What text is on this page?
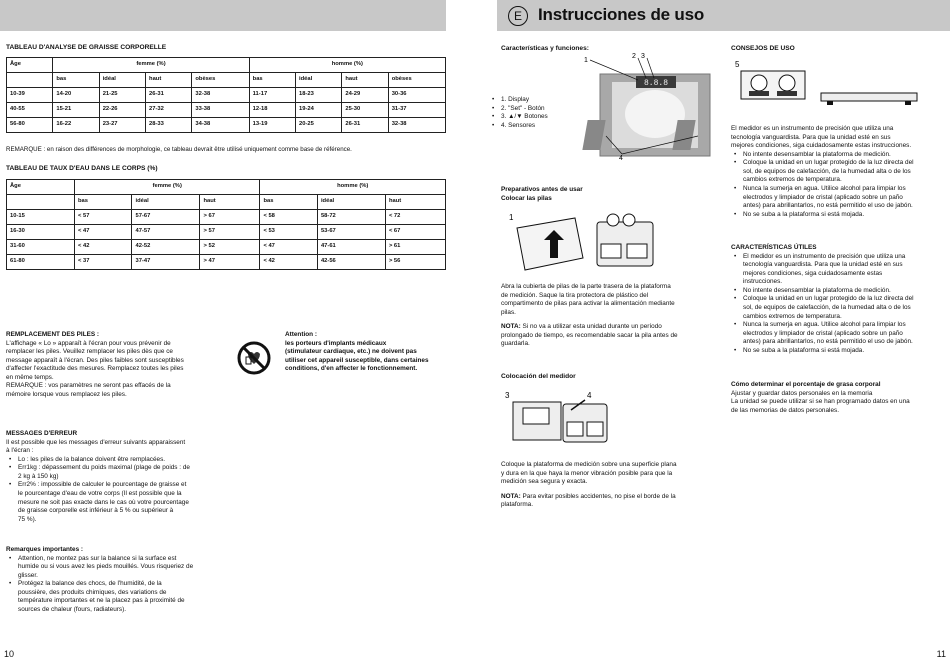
TABLEAU D'ANALYSE DE GRAISSE CORPORELLE
Âge	femme (%)				homme (%)			
	bas	idéal	haut	obèses	bas	idéal	haut	obèses
10-39	14-20	21-25	26-31	32-38	11-17	18-23	24-29	30-36
40-55	15-21	22-26	27-32	33-38	12-18	19-24	25-30	31-37
56-80	16-22	23-27	28-33	34-38	13-19	20-25	26-31	32-38
REMARQUE : en raison des différences de morphologie, ce tableau devrait être utilisé uniquement comme base de référence.
TABLEAU DE TAUX D'EAU DANS LE CORPS (%)
Âge	femme (%)			homme (%)		
	bas	idéal	haut	bas	idéal	haut
10-15	< 57	57-67	> 67	< 58	58-72	< 72
16-30	< 47	47-57	> 57	< 53	53-67	< 67
31-60	< 42	42-52	> 52	< 47	47-61	> 61
61-80	< 37	37-47	> 47	< 42	42-56	> 56

REMPLACEMENT DES PILES :

L'affichage « Lo » apparaît à l'écran pour vous prévenir de

remplacer les piles. Veuillez remplacer les piles dès que ce

message apparaît à l'écran. Des piles faibles sont susceptibles

d'affecter l'exactitude des mesures. Remplacez toutes les piles

en même temps.

REMARQUE : vos paramètres ne seront pas effacés de la

mémoire lorsque vous remplacez les piles.

Attention :

les porteurs d'implants médicaux

(stimulateur cardiaque, etc.) ne doivent pas

utiliser cet appareil susceptible, dans certaines

conditions, d'en affecter le fonctionnement.

MESSAGES D'ERREUR

Il est possible que les messages d'erreur suivants apparaissent

à l'écran :

• Lo : les piles de la balance doivent être remplacées.
• Err1kg : dépassement du poids maximal (plage de poids : de
2 kg à 150 kg)
• Err2% : impossible de calculer le pourcentage de graisse et
le pourcentage d'eau de votre corps (Il est possible que la
mesure ne soit pas exacte dans le cas où votre pourcentage
de graisse corporelle est inférieur à 5 % ou supérieur à
75 %).

Remarques importantes :

• Attention, ne montez pas sur la balance si la surface est
humide ou si vous avez les pieds mouillés. Vous risqueriez de
glisser.
• Protégez la balance des chocs, de l'humidité, de la
poussière, des produits chimiques, des variations de
température importantes et ne la placez pas à proximité de
sources de chaleur (fours, radiateurs).
10
E Instrucciones de uso
Características y funciones:
8.8.8
1
2 3
4
• 1. Display
• 2. "Set" - Botón
• 3. ▲/▼ Botones
• 4. Sensores

Preparativos antes de usar

Colocar las pilas

1

Abra la cubierta de pilas de la parte trasera de la plataforma

de medición. Saque la tira protectora de plástico del

compartimento de pilas para activar la alimentación mediante

pilas.

NOTA: Si no va a utilizar esta unidad durante un período

prolongado de tiempo, es recomendable sacar la pila antes de

guardarla.

Colocación del medidor
3	4

Coloque la plataforma de medición sobre una superficie plana

y dura en la que haya la menor vibración posible para que la

medición sea segura y exacta.

NOTA: Para evitar posibles accidentes, no pise el borde de la

plataforma.

CONSEJOS DE USO
5

El medidor es un instrumento de precisión que utiliza una

tecnología vanguardista. Para que la unidad esté en sus

mejores condiciones, siga cuidadosamente estas instrucciones.

• No intente desensamblar la plataforma de medición.
• Coloque la unidad en un lugar protegido de la luz directa del
sol, de equipos de calefacción, de la humedad alta o de los
cambios extremos de temperatura.
• Nunca la sumerja en agua. Utilice alcohol para limpiar los
electrodos y limpiador de cristal (aplicado sobre un paño
antes) para abrillantarlos, no está permitido el uso de jabón.
• No se suba a la plataforma si está mojada.

CARACTERÍSTICAS ÚTILES

• El medidor es un instrumento de precisión que utiliza una
tecnología vanguardista. Para que la unidad esté en sus
mejores condiciones, siga cuidadosamente estas
instrucciones.
• No intente desensamblar la plataforma de medición.
• Coloque la unidad en un lugar protegido de la luz directa del
sol, de equipos de calefacción, de la humedad alta o de los
cambios extremos de temperatura.
• Nunca la sumerja en agua. Utilice alcohol para limpiar los
electrodos y limpiador de cristal (aplicado sobre un paño
antes) para abrillantarlos, no está permitido el uso de jabón.
• No se suba a la plataforma si está mojada.

Cómo determinar el porcentaje de grasa corporal

Ajustar y guardar datos personales en la memoria

La unidad se puede utilizar si se han programado datos en una

de las memorias de datos personales.

11
